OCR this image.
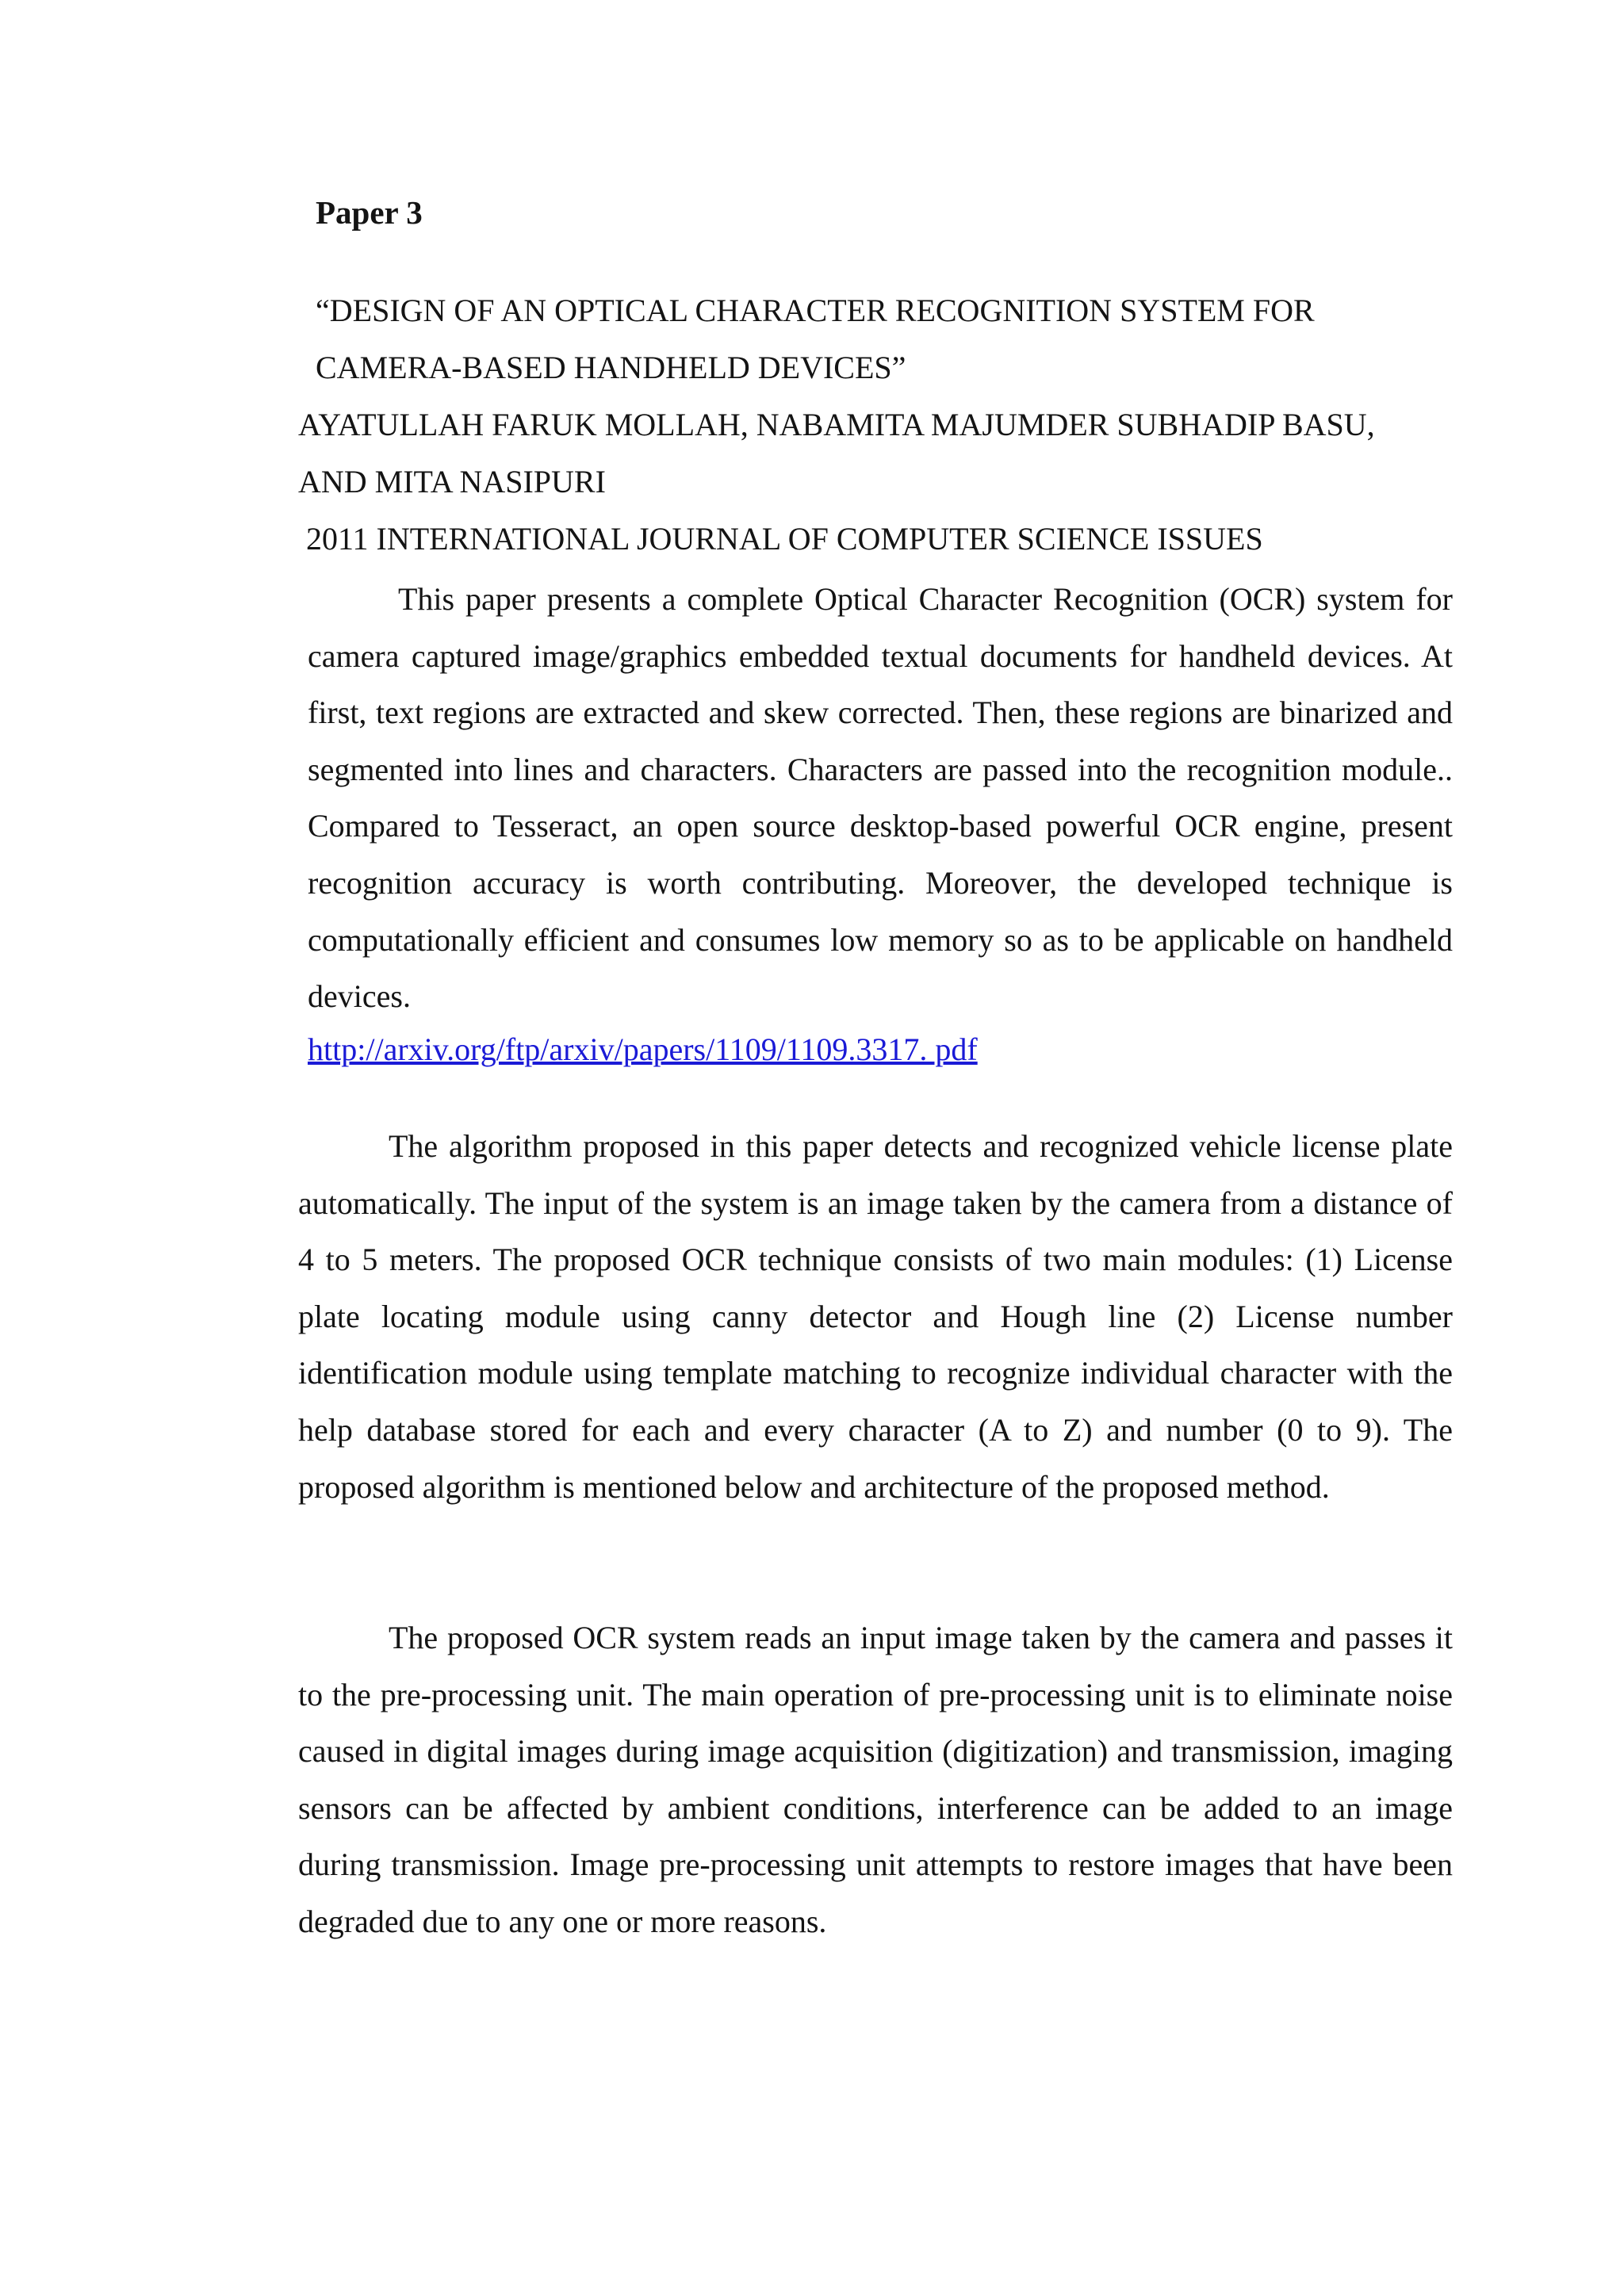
Paper 3

“DESIGN OF AN OPTICAL CHARACTER RECOGNITION SYSTEM FOR

CAMERA-BASED HANDHELD DEVICES”

AYATULLAH FARUK MOLLAH, NABAMITA MAJUMDER SUBHADIP BASU,

AND MITA NASIPURI

2011 INTERNATIONAL JOURNAL OF COMPUTER SCIENCE ISSUES

This paper presents a complete Optical Character Recognition (OCR) system for camera captured image/graphics embedded textual documents for handheld devices. At first, text regions are extracted and skew corrected. Then, these regions are binarized and segmented into lines and characters. Characters are passed into the recognition module.. Compared to Tesseract, an open source desktop-based powerful OCR engine, present recognition accuracy is worth contributing. Moreover, the developed technique is computationally efficient and consumes low memory so as to be applicable on handheld devices.

http://arxiv.org/ftp/arxiv/papers/1109/1109.3317. pdf

The algorithm proposed in this paper detects and recognized vehicle license plate automatically. The input of the system is an image taken by the camera from a distance of 4 to 5 meters. The proposed OCR technique consists of two main modules: (1) License plate locating module using canny detector and Hough line (2) License number identification module using template matching to recognize individual character with the help database stored for each and every character (A to Z) and number (0 to 9). The proposed algorithm is mentioned below and architecture of the proposed method.

The proposed OCR system reads an input image taken by the camera and passes it to the pre-processing unit. The main operation of pre-processing unit is to eliminate noise caused in digital images during image acquisition (digitization) and transmission, imaging sensors can be affected by ambient conditions, interference can be added to an image during transmission. Image pre-processing unit attempts to restore images that have been degraded due to any one or more reasons.
